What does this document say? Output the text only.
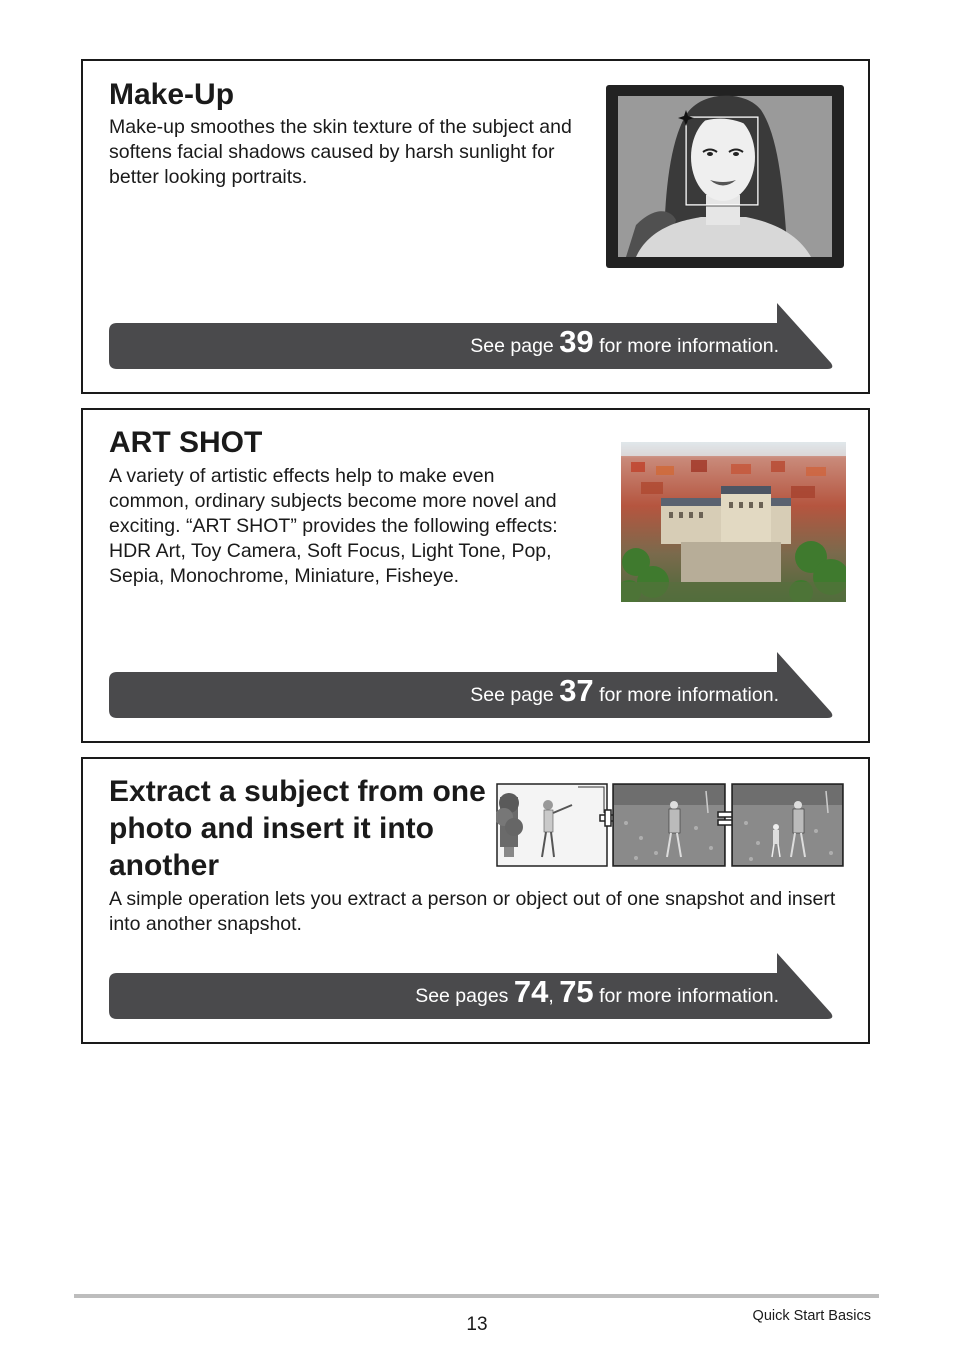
Make-Up

Make-up smoothes the skin texture of the subject and softens facial shadows caused by harsh sunlight for better looking portraits.

See page 39 for more information.
ART SHOT

A variety of artistic effects help to make even common, ordinary subjects become more novel and exciting. “ART SHOT” provides the following effects: HDR Art, Toy Camera, Soft Focus, Light Tone, Pop, Sepia, Monochrome, Miniature, Fisheye.

See page 37 for more information.
Extract a subject from one photo and insert it into another

A simple operation lets you extract a person or object out of one snapshot and insert into another snapshot.

See pages 74, 75 for more information.
13	Quick Start Basics
